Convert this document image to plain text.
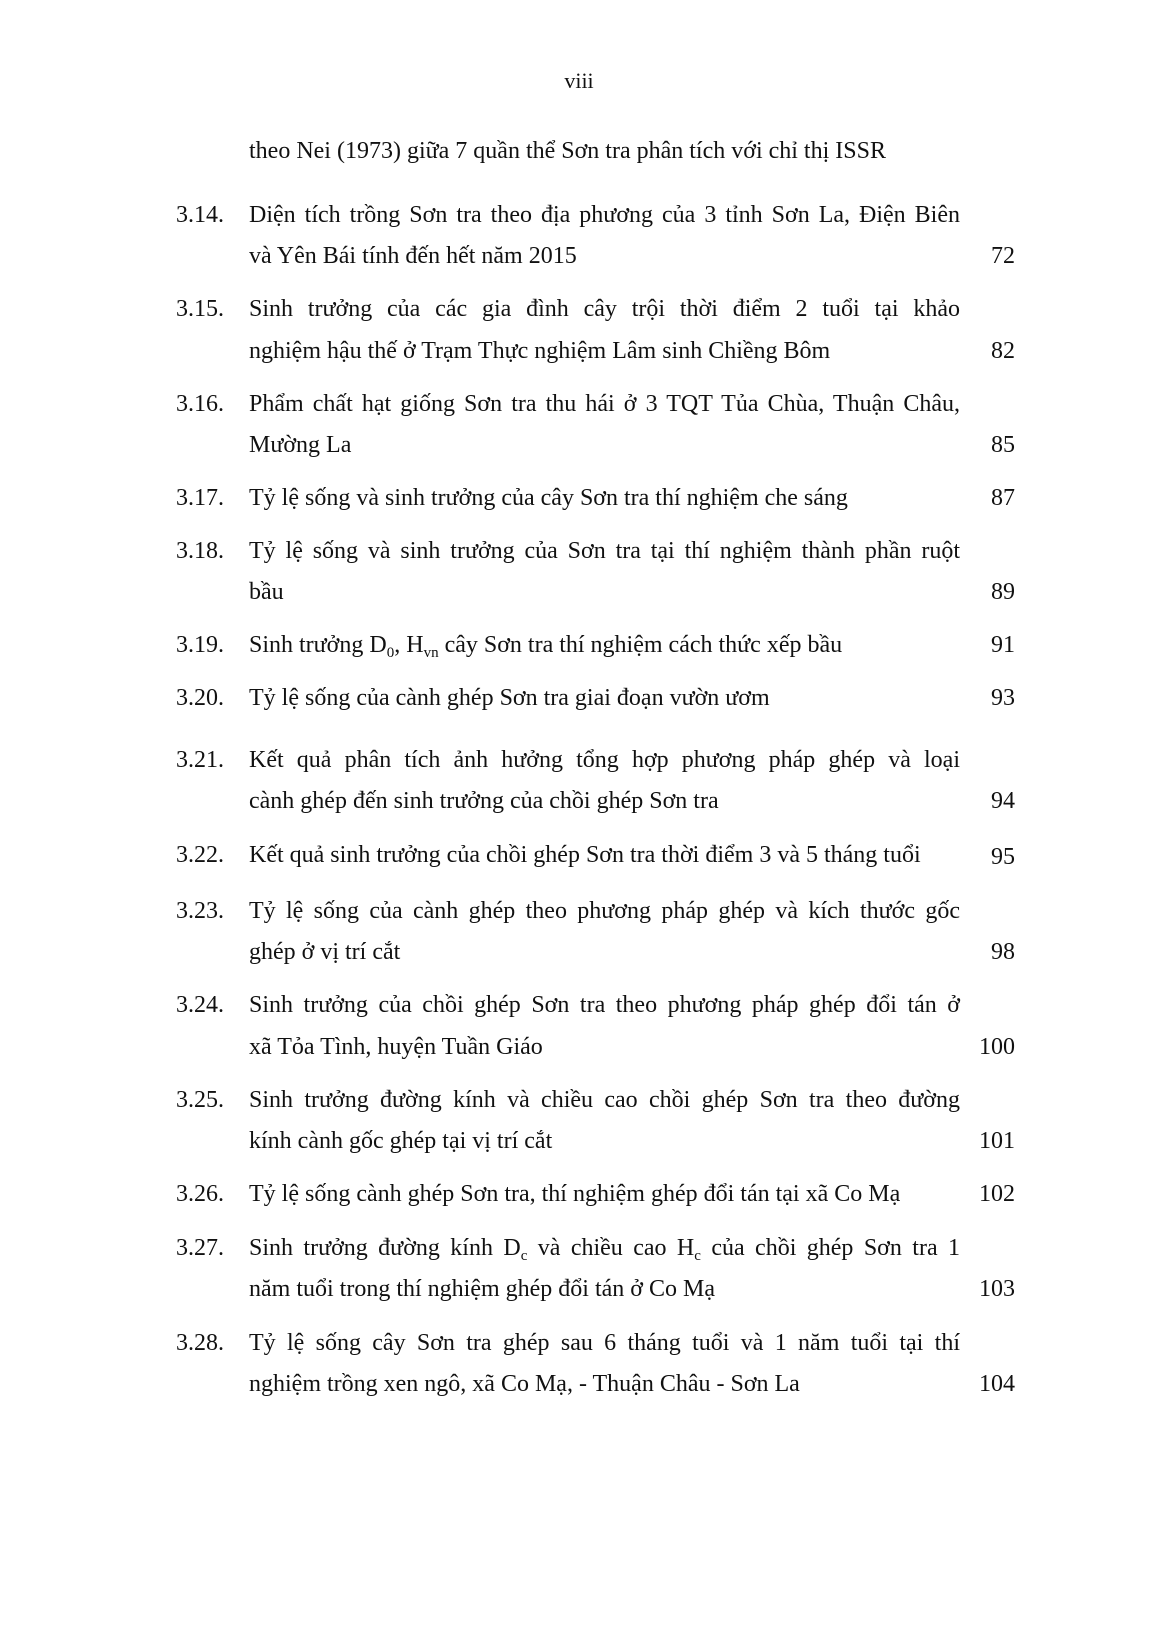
viii
theo Nei (1973) giữa 7 quần thể Sơn tra phân tích với chỉ thị ISSR
3.14. Diện tích trồng Sơn tra theo địa phương của 3 tỉnh Sơn La, Điện Biên
và Yên Bái tính đến hết năm 2015	72
3.15. Sinh trưởng của các gia đình cây trội thời điểm 2 tuổi tại khảo
nghiệm hậu thế ở Trạm Thực nghiệm Lâm sinh Chiềng Bôm	82
3.16. Phẩm chất hạt giống Sơn tra thu hái ở 3 TQT Tủa Chùa, Thuận Châu,
Mường La	85
3.17. Tỷ lệ sống và sinh trưởng của cây Sơn tra thí nghiệm che sáng	87
3.18. Tỷ lệ sống và sinh trưởng của Sơn tra tại thí nghiệm thành phần ruột
bầu	89
3.19. Sinh trưởng $D_0$, $H_{vn}$ cây Sơn tra thí nghiệm cách thức xếp bầu	91
3.20. Tỷ lệ sống của cành ghép Sơn tra giai đoạn vườn ươm	93
3.21. Kết quả phân tích ảnh hưởng tổng hợp phương pháp ghép và loại
cành ghép đến sinh trưởng của chồi ghép Sơn tra	94
3.22. Kết quả sinh trưởng của chồi ghép Sơn tra thời điểm 3 và 5 tháng tuổi	95
3.23. Tỷ lệ sống của cành ghép theo phương pháp ghép và kích thước gốc
ghép ở vị trí cắt	98
3.24. Sinh trưởng của chồi ghép Sơn tra theo phương pháp ghép đổi tán ở
xã Tỏa Tình, huyện Tuần Giáo	100
3.25. Sinh trưởng đường kính và chiều cao chồi ghép Sơn tra theo đường
kính cành gốc ghép tại vị trí cắt	101
3.26. Tỷ lệ sống cành ghép Sơn tra, thí nghiệm ghép đổi tán tại xã Co Mạ	102
3.27. Sinh trưởng đường kính $D_c$ và chiều cao $H_c$ của chồi ghép Sơn tra 1
năm tuổi trong thí nghiệm ghép đổi tán ở Co Mạ	103
3.28. Tỷ lệ sống cây Sơn tra ghép sau 6 tháng tuổi và 1 năm tuổi tại thí
nghiệm trồng xen ngô, xã Co Mạ, - Thuận Châu - Sơn La	104
